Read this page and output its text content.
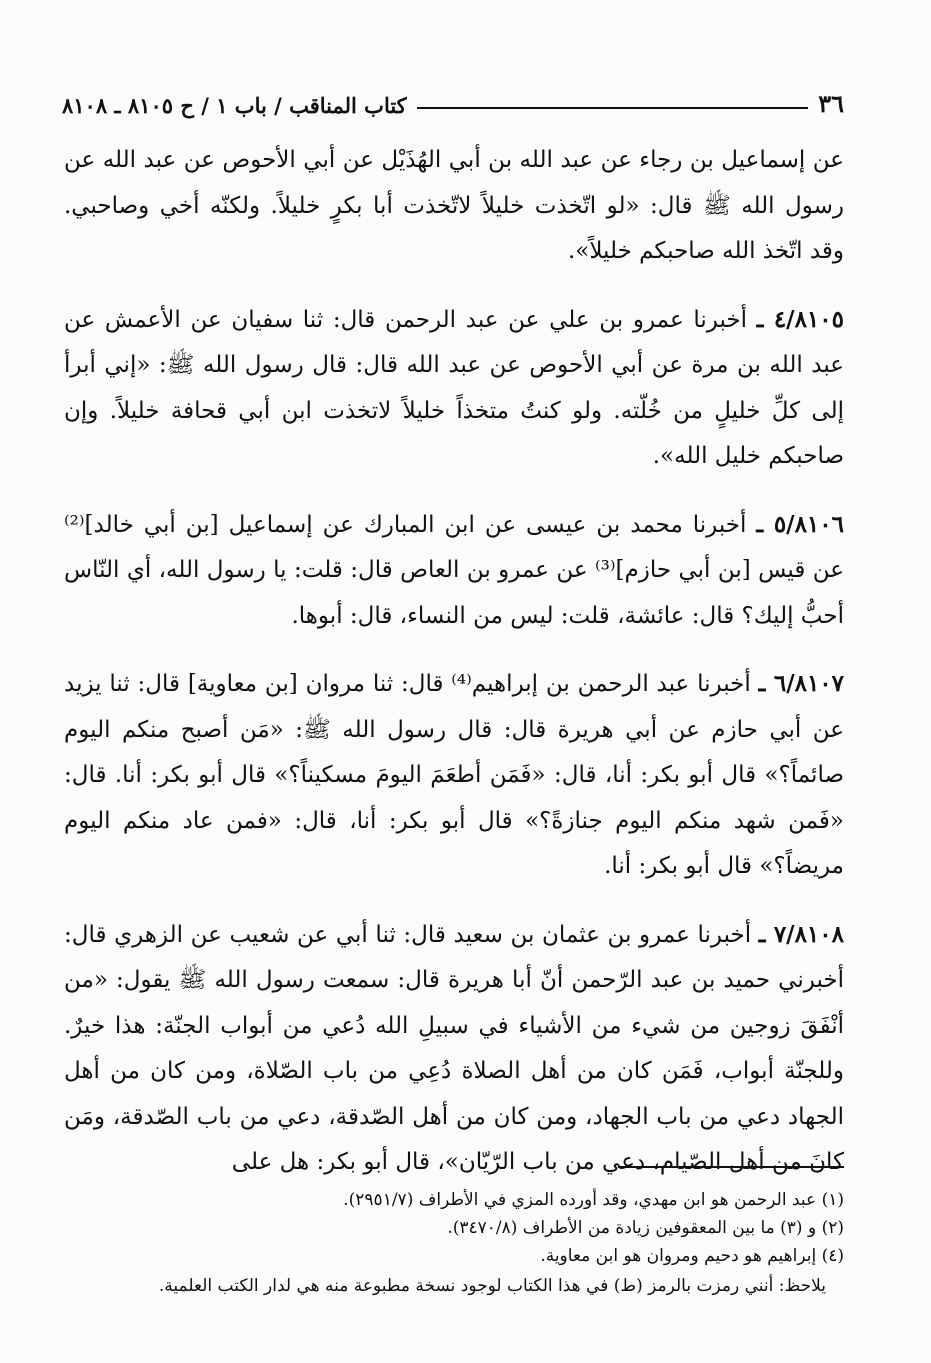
٣٦
كتاب المناقب / باب ١ / ح ٨١٠٥ ـ ٨١٠٨

عن إسماعيل بن رجاء عن عبد الله بن أبي الهُذَيْل عن أبي الأحوص عن عبد الله عن رسول الله ﷺ قال: «لو اتّخذت خليلاً لاتّخذت أبا بكرٍ خليلاً. ولكنّه أخي وصاحبي. وقد اتّخذ الله صاحبكم خليلاً».

٤/٨١٠٥ ـ أخبرنا عمرو بن علي عن عبد الرحمن قال: ثنا سفيان عن الأعمش عن عبد الله بن مرة عن أبي الأحوص عن عبد الله قال: قال رسول الله ﷺ: «إني أبرأ إلى كلِّ خليلٍ من خُلّته. ولو كنتُ متخذاً خليلاً لاتخذت ابن أبي قحافة خليلاً. وإن صاحبكم خليل الله».

٥/٨١٠٦ ـ أخبرنا محمد بن عيسى عن ابن المبارك عن إسماعيل [بن أبي خالد]⁽²⁾ عن قيس [بن أبي حازم]⁽³⁾ عن عمرو بن العاص قال: قلت: يا رسول الله، أي النّاس أحبُّ إليك؟ قال: عائشة، قلت: ليس من النساء، قال: أبوها.

٦/٨١٠٧ ـ أخبرنا عبد الرحمن بن إبراهيم⁽⁴⁾ قال: ثنا مروان [بن معاوية] قال: ثنا يزيد عن أبي حازم عن أبي هريرة قال: قال رسول الله ﷺ: «مَن أصبح منكم اليوم صائماً؟» قال أبو بكر: أنا، قال: «فَمَن أطعَمَ اليومَ مسكيناً؟» قال أبو بكر: أنا. قال: «فَمن شهد منكم اليوم جنازةً؟» قال أبو بكر: أنا، قال: «فمن عاد منكم اليوم مريضاً؟» قال أبو بكر: أنا.

٧/٨١٠٨ ـ أخبرنا عمرو بن عثمان بن سعيد قال: ثنا أبي عن شعيب عن الزهري قال: أخبرني حميد بن عبد الرّحمن أنّ أبا هريرة قال: سمعت رسول الله ﷺ يقول: «من أنْفَقَ زوجين من شيء من الأشياء في سبيلِ الله دُعي من أبواب الجنّة: هذا خيرٌ. وللجنّة أبواب، فَمَن كان من أهل الصلاة دُعِي من باب الصّلاة، ومن كان من أهل الجهاد دعي من باب الجهاد، ومن كان من أهل الصّدقة، دعي من باب الصّدقة، ومَن كانَ من أهل الصّيام، دعي من باب الرّيّان»، قال أبو بكر: هل على

(١) عبد الرحمن هو ابن مهدي، وقد أورده المزي في الأطراف (٢٩٥١/٧).

(٢) و (٣) ما بين المعقوفين زيادة من الأطراف (٣٤٧٠/٨).

(٤) إبراهيم هو دحيم ومروان هو ابن معاوية.

يلاحظ: أنني رمزت بالرمز (ط) في هذا الكتاب لوجود نسخة مطبوعة منه هي لدار الكتب العلمية.
